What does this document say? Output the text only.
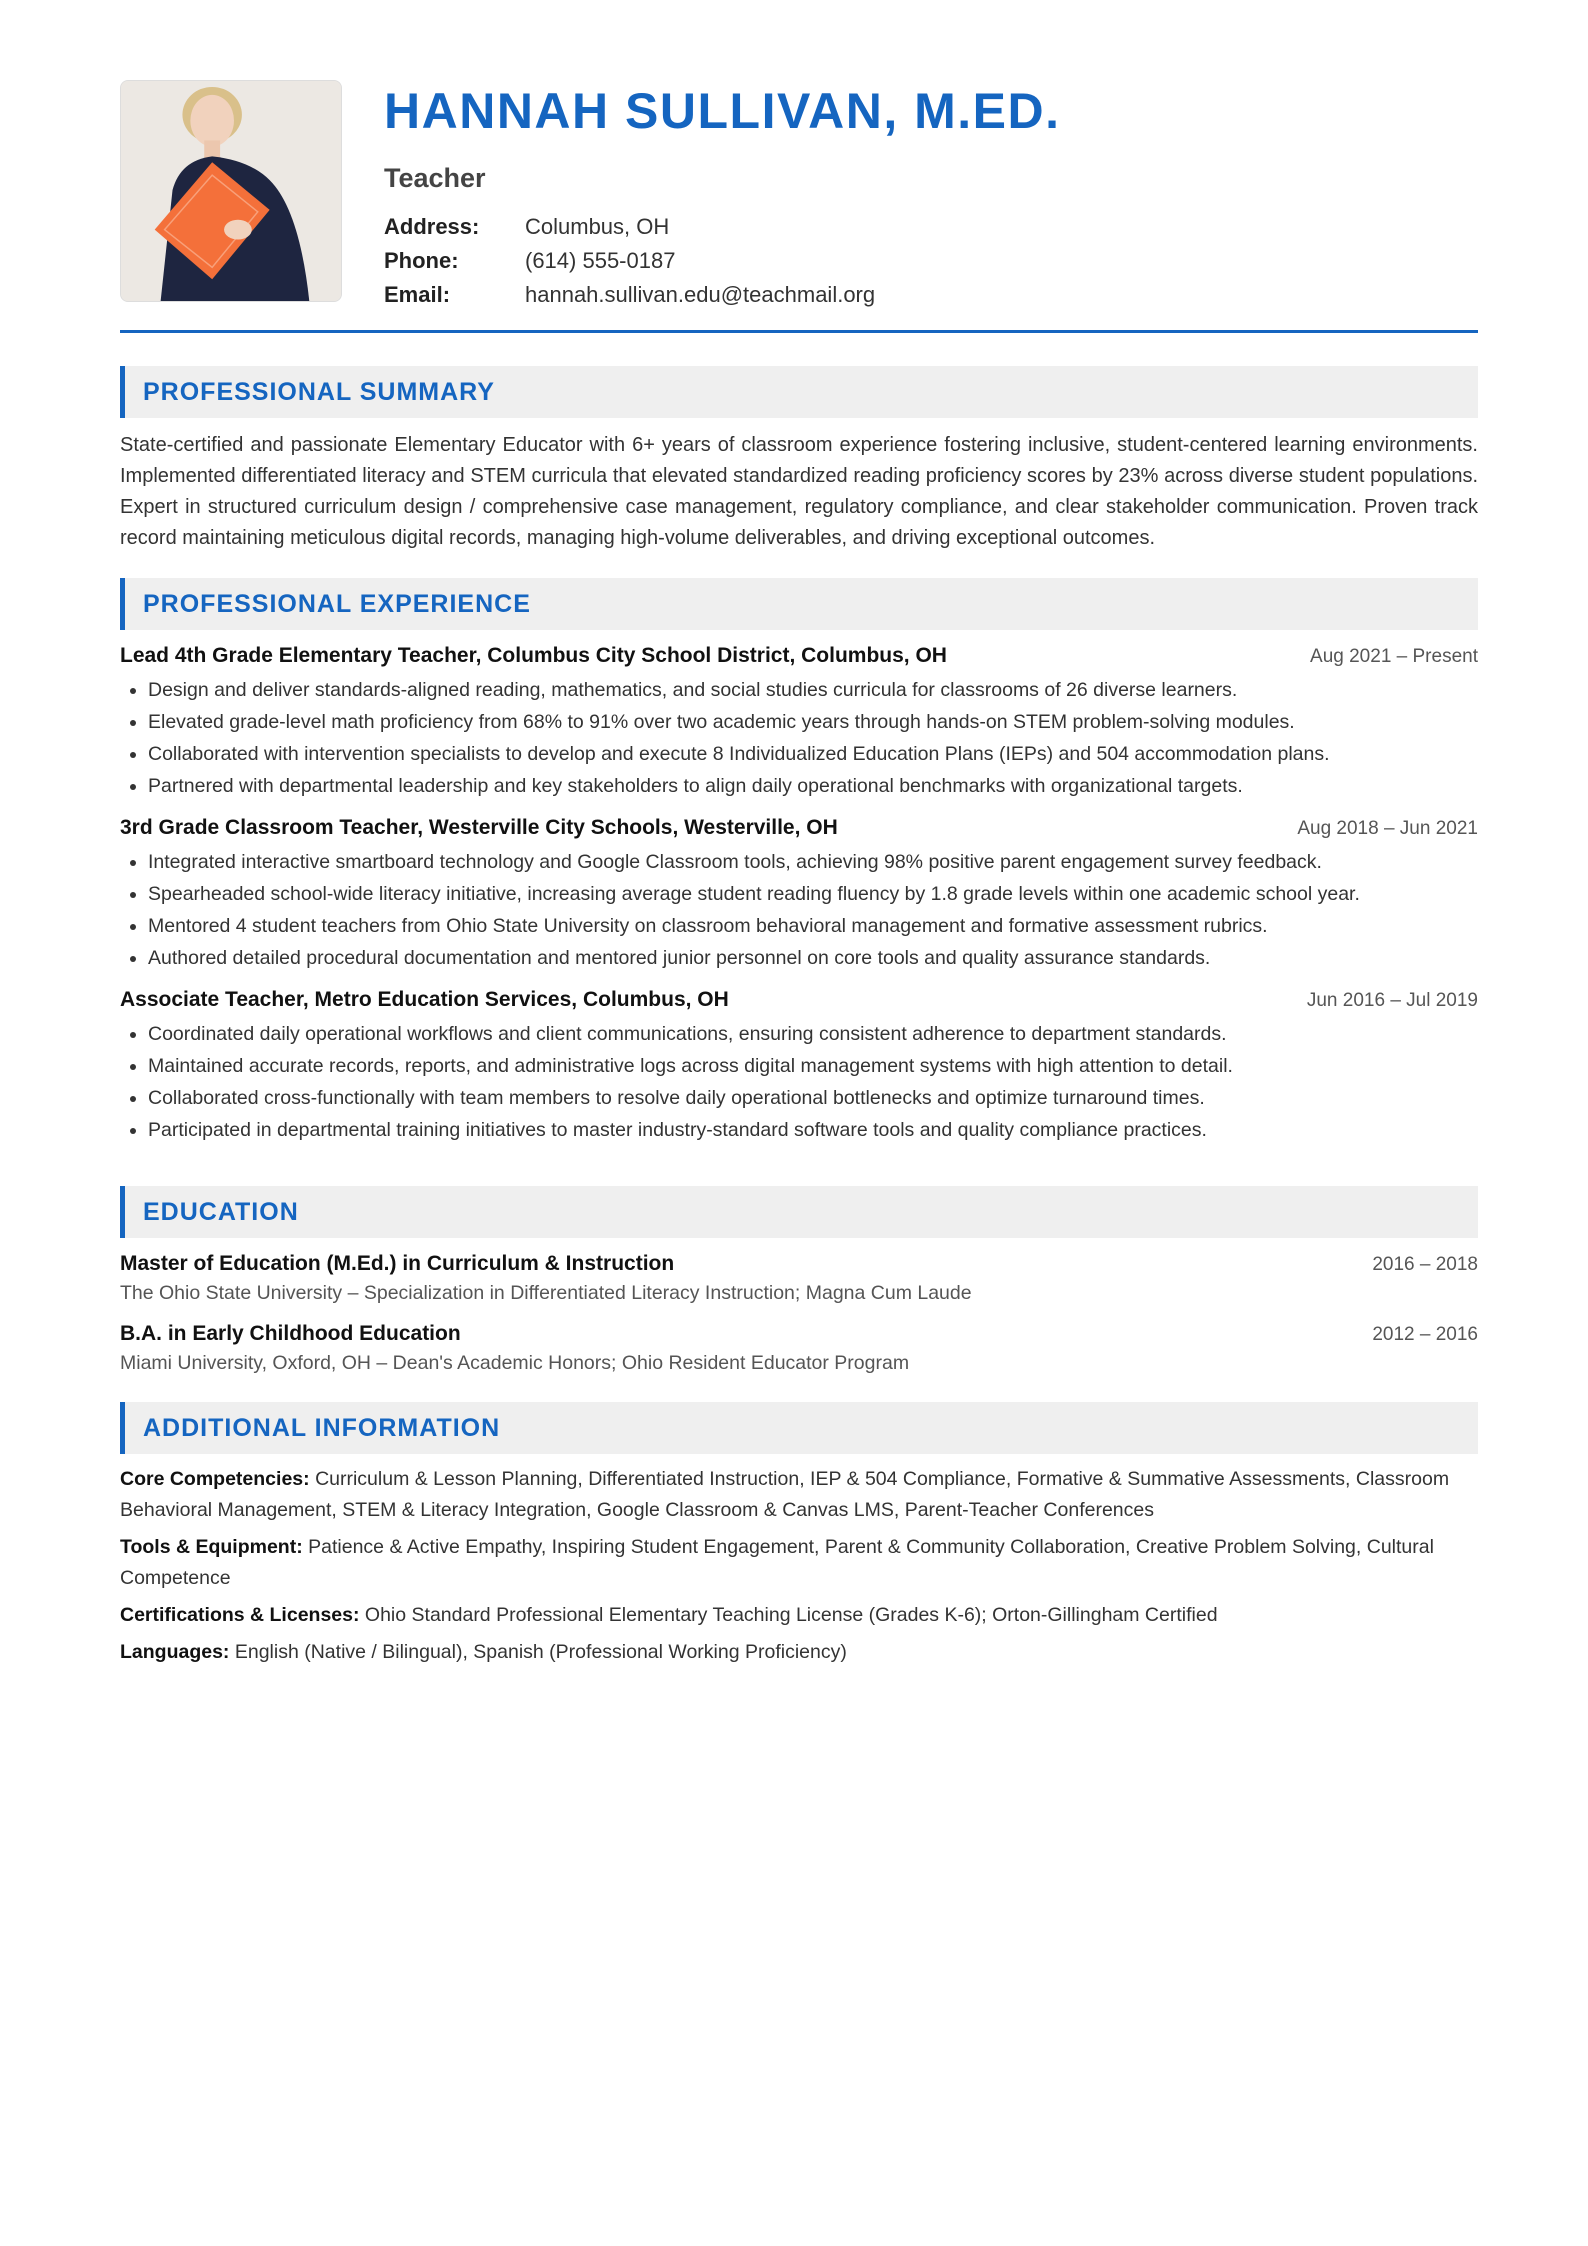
HANNAH SULLIVAN, M.ED.
Teacher
Address:	Columbus, OH
Phone:	(614) 555-0187
Email:	hannah.sullivan.edu@teachmail.org
PROFESSIONAL SUMMARY

State-certified and passionate Elementary Educator with 6+ years of classroom experience fostering inclusive, student-centered learning environments. Implemented differentiated literacy and STEM curricula that elevated standardized reading proficiency scores by 23% across diverse student populations. Expert in structured curriculum design / comprehensive case management, regulatory compliance, and clear stakeholder communication. Proven track record maintaining meticulous digital records, managing high-volume deliverables, and driving exceptional outcomes.

PROFESSIONAL EXPERIENCE
Lead 4th Grade Elementary Teacher, Columbus City School District, Columbus, OH	Aug 2021 – Present
• Design and deliver standards-aligned reading, mathematics, and social studies curricula for classrooms of 26 diverse learners.
• Elevated grade-level math proficiency from 68% to 91% over two academic years through hands-on STEM problem-solving modules.
• Collaborated with intervention specialists to develop and execute 8 Individualized Education Plans (IEPs) and 504 accommodation plans.
• Partnered with departmental leadership and key stakeholders to align daily operational benchmarks with organizational targets.
3rd Grade Classroom Teacher, Westerville City Schools, Westerville, OH	Aug 2018 – Jun 2021
• Integrated interactive smartboard technology and Google Classroom tools, achieving 98% positive parent engagement survey feedback.
• Spearheaded school-wide literacy initiative, increasing average student reading fluency by 1.8 grade levels within one academic school year.
• Mentored 4 student teachers from Ohio State University on classroom behavioral management and formative assessment rubrics.
• Authored detailed procedural documentation and mentored junior personnel on core tools and quality assurance standards.
Associate Teacher, Metro Education Services, Columbus, OH	Jun 2016 – Jul 2019
• Coordinated daily operational workflows and client communications, ensuring consistent adherence to department standards.
• Maintained accurate records, reports, and administrative logs across digital management systems with high attention to detail.
• Collaborated cross-functionally with team members to resolve daily operational bottlenecks and optimize turnaround times.
• Participated in departmental training initiatives to master industry-standard software tools and quality compliance practices.
EDUCATION
Master of Education (M.Ed.) in Curriculum & Instruction	2016 – 2018
The Ohio State University – Specialization in Differentiated Literacy Instruction; Magna Cum Laude
B.A. in Early Childhood Education	2012 – 2016
Miami University, Oxford, OH – Dean's Academic Honors; Ohio Resident Educator Program
ADDITIONAL INFORMATION
Core Competencies: Curriculum & Lesson Planning, Differentiated Instruction, IEP & 504 Compliance, Formative & Summative Assessments, Classroom Behavioral Management, STEM & Literacy Integration, Google Classroom & Canvas LMS, Parent-Teacher Conferences
Tools & Equipment: Patience & Active Empathy, Inspiring Student Engagement, Parent & Community Collaboration, Creative Problem Solving, Cultural Competence
Certifications & Licenses: Ohio Standard Professional Elementary Teaching License (Grades K-6); Orton-Gillingham Certified
Languages: English (Native / Bilingual), Spanish (Professional Working Proficiency)
